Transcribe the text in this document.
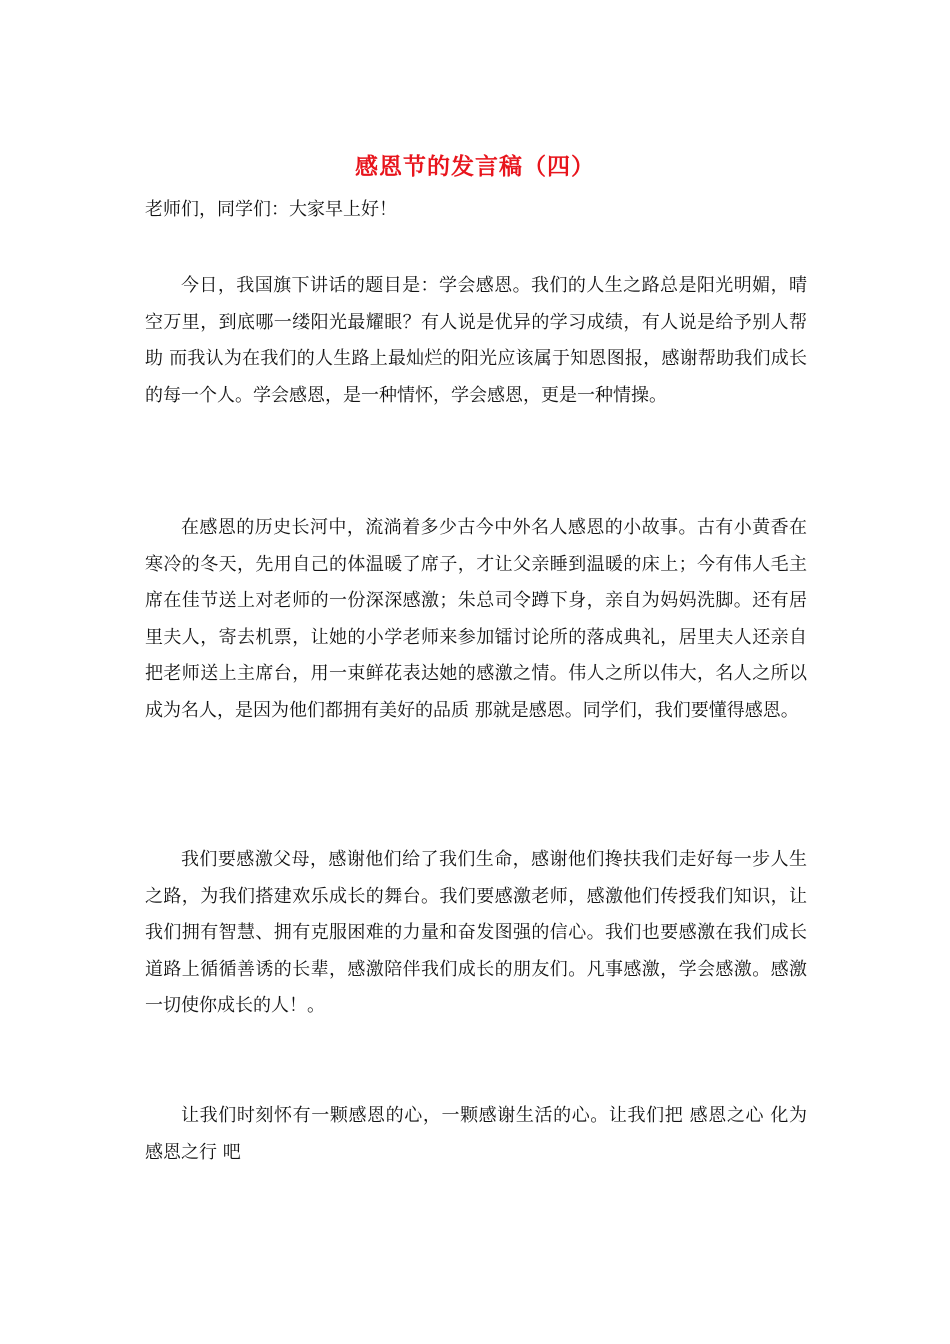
感恩节的发言稿（四）

老师们，同学们：大家早上好！

今日，我国旗下讲话的题目是：学会感恩。我们的人生之路总是阳光明媚，晴空万里，到底哪一缕阳光最耀眼？有人说是优异的学习成绩，有人说是给予别人帮助 而我认为在我们的人生路上最灿烂的阳光应该属于知恩图报，感谢帮助我们成长的每一个人。学会感恩，是一种情怀，学会感恩，更是一种情操。

在感恩的历史长河中，流淌着多少古今中外名人感恩的小故事。古有小黄香在寒冷的冬天，先用自己的体温暖了席子，才让父亲睡到温暖的床上；今有伟人毛主席在佳节送上对老师的一份深深感激；朱总司令蹲下身，亲自为妈妈洗脚。还有居里夫人，寄去机票，让她的小学老师来参加镭讨论所的落成典礼，居里夫人还亲自把老师送上主席台，用一束鲜花表达她的感激之情。伟人之所以伟大，名人之所以成为名人，是因为他们都拥有美好的品质 那就是感恩。同学们，我们要懂得感恩。

我们要感激父母，感谢他们给了我们生命，感谢他们搀扶我们走好每一步人生之路，为我们搭建欢乐成长的舞台。我们要感激老师，感激他们传授我们知识，让我们拥有智慧、拥有克服困难的力量和奋发图强的信心。我们也要感激在我们成长道路上循循善诱的长辈，感激陪伴我们成长的朋友们。凡事感激，学会感激。感激一切使你成长的人！。

让我们时刻怀有一颗感恩的心，一颗感谢生活的心。让我们把 感恩之心 化为 感恩之行 吧
